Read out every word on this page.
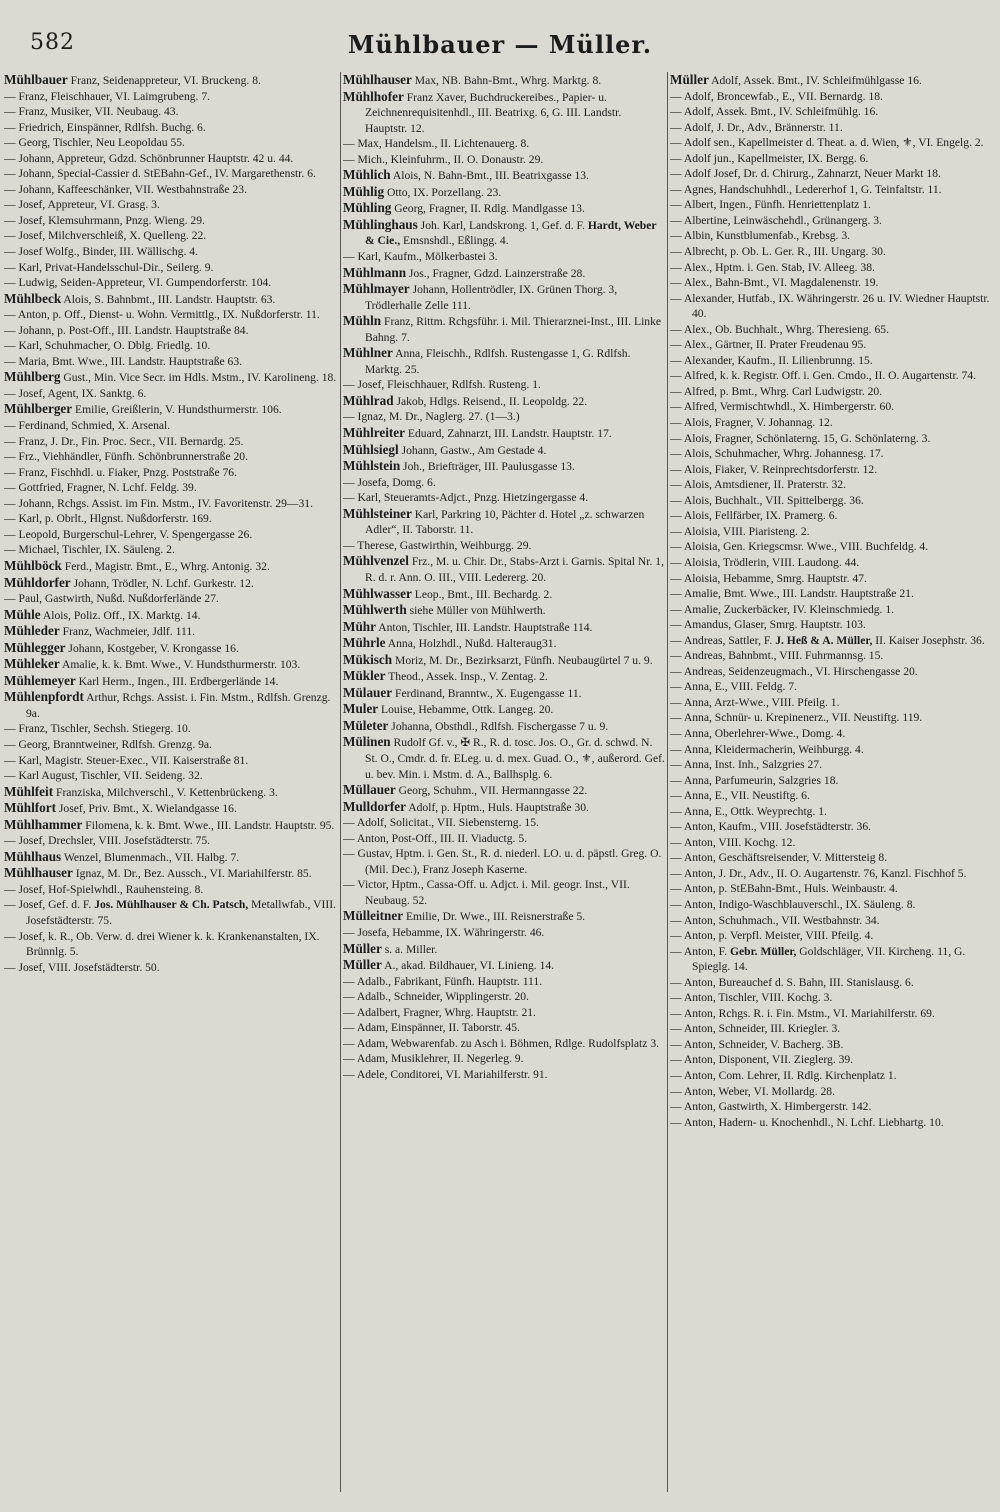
582	Mühlbauer — Müller.

Mühlbauer Franz, Seidenappreteur, VI. Bruckeng. 8.

— Franz, Fleischhauer, VI. Laimgrubeng. 7.

— Franz, Musiker, VII. Neubaug. 43.

— Friedrich, Einspänner, Rdlfsh. Buchg. 6.

— Georg, Tischler, Neu Leopoldau 55.

— Johann, Appreteur, Gdzd. Schönbrunner Hauptstr. 42 u. 44.

— Johann, Special-Cassier d. StEBahn-Gef., IV. Margarethenstr. 6.

— Johann, Kaffeeschänker, VII. Westbahnstraße 23.

— Josef, Appreteur, VI. Grasg. 3.

— Josef, Klemsuhrmann, Pnzg. Wieng. 29.

— Josef, Milchverschleiß, X. Quelleng. 22.

— Josef Wolfg., Binder, III. Wällischg. 4.

— Karl, Privat-Handelsschul-Dir., Seilerg. 9.

— Ludwig, Seiden-Appreteur, VI. Gumpendorferstr. 104.

Mühlbeck Alois, S. Bahnbmt., III. Landstr. Hauptstr. 63.

— Anton, p. Off., Dienst- u. Wohn. Vermittlg., IX. Nußdorferstr. 11.

— Johann, p. Post-Off., III. Landstr. Hauptstraße 84.

— Karl, Schuhmacher, O. Dblg. Friedlg. 10.

— Maria, Bmt. Wwe., III. Landstr. Hauptstraße 63.

Mühlberg Gust., Min. Vice Secr. im Hdls. Mstm., IV. Karolineng. 18.

— Josef, Agent, IX. Sanktg. 6.

Mühlberger Emilie, Greißlerin, V. Hundsthurmerstr. 106.

— Ferdinand, Schmied, X. Arsenal.

— Franz, J. Dr., Fin. Proc. Secr., VII. Bernardg. 25.

— Frz., Viehhändler, Fünfh. Schönbrunnerstraße 20.

— Franz, Fischhdl. u. Fiaker, Pnzg. Poststraße 76.

— Gottfried, Fragner, N. Lchf. Feldg. 39.

— Johann, Rchgs. Assist. im Fin. Mstm., IV. Favoritenstr. 29—31.

— Karl, p. Obrlt., Hlgnst. Nußdorferstr. 169.

— Leopold, Burgerschul-Lehrer, V. Spengergasse 26.

— Michael, Tischler, IX. Säuleng. 2.

Mühlböck Ferd., Magistr. Bmt., E., Whrg. Antonig. 32.

Mühldorfer Johann, Trödler, N. Lchf. Gurkestr. 12.

— Paul, Gastwirth, Nußd. Nußdorferlände 27.

Mühle Alois, Poliz. Off., IX. Marktg. 14.

Mühleder Franz, Wachmeier, Jdlf. 111.

Mühlegger Johann, Kostgeber, V. Krongasse 16.

Mühleker Amalie, k. k. Bmt. Wwe., V. Hundsthurmerstr. 103.

Mühlemeyer Karl Herm., Ingen., III. Erdbergerlände 14.

Mühlenpfordt Arthur, Rchgs. Assist. i. Fin. Mstm., Rdlfsh. Grenzg. 9a.

— Franz, Tischler, Sechsh. Stiegerg. 10.

— Georg, Branntweiner, Rdlfsh. Grenzg. 9a.

— Karl, Magistr. Steuer-Exec., VII. Kaiserstraße 81.

— Karl August, Tischler, VII. Seideng. 32.

Mühlfeit Franziska, Milchverschl., V. Kettenbrückeng. 3.

Mühlfort Josef, Priv. Bmt., X. Wielandgasse 16.

Mühlhammer Filomena, k. k. Bmt. Wwe., III. Landstr. Hauptstr. 95.

— Josef, Drechsler, VIII. Josefstädterstr. 75.

Mühlhaus Wenzel, Blumenmach., VII. Halbg. 7.

Mühlhauser Ignaz, M. Dr., Bez. Aussch., VI. Mariahilferstr. 85.

— Josef, Hof-Spielwhdl., Rauhensteing. 8.

— Josef, Gef. d. F. Jos. Mühlhauser & Ch. Patsch, Metallwfab., VIII. Josefstädterstr. 75.

— Josef, k. R., Ob. Verw. d. drei Wiener k. k. Krankenanstalten, IX. Brünnlg. 5.

— Josef, VIII. Josefstädterstr. 50.

Mühlhauser Max, NB. Bahn-Bmt., Whrg. Marktg. 8.

Mühlhofer Franz Xaver, Buchdruckereibes., Papier- u. Zeichnenrequisitenhdl., III. Beatrixg. 6, G. III. Landstr. Hauptstr. 12.

— Max, Handelsm., II. Lichtenauerg. 8.

— Mich., Kleinfuhrm., II. O. Donaustr. 29.

Mühlich Alois, N. Bahn-Bmt., III. Beatrixgasse 13.

Mühlig Otto, IX. Porzellang. 23.

Mühling Georg, Fragner, II. Rdlg. Mandlgasse 13.

Mühlinghaus Joh. Karl, Landskrong. 1, Gef. d. F. Hardt, Weber & Cie., Emsnshdl., Eßlingg. 4.

— Karl, Kaufm., Mölkerbastei 3.

Mühlmann Jos., Fragner, Gdzd. Lainzerstraße 28.

Mühlmayer Johann, Hollentrödler, IX. Grünen Thorg. 3, Trödlerhalle Zelle 111.

Mühln Franz, Rittm. Rchgsführ. i. Mil. Thierarznei-Inst., III. Linke Bahng. 7.

Mühlner Anna, Fleischh., Rdlfsh. Rustengasse 1, G. Rdlfsh. Marktg. 25.

— Josef, Fleischhauer, Rdlfsh. Rusteng. 1.

Mühlrad Jakob, Hdlgs. Reisend., II. Leopoldg. 22.

— Ignaz, M. Dr., Naglerg. 27. (1—3.)

Mühlreiter Eduard, Zahnarzt, III. Landstr. Hauptstr. 17.

Mühlsiegl Johann, Gastw., Am Gestade 4.

Mühlstein Joh., Briefträger, III. Paulusgasse 13.

— Josefa, Domg. 6.

— Karl, Steueramts-Adjct., Pnzg. Hietzingergasse 4.

Mühlsteiner Karl, Parkring 10, Pächter d. Hotel „z. schwarzen Adler“, II. Taborstr. 11.

— Therese, Gastwirthin, Weihburgg. 29.

Mühlvenzel Frz., M. u. Chir. Dr., Stabs-Arzt i. Garnis. Spital Nr. 1, R. d. r. Ann. O. III., VIII. Ledererg. 20.

Mühlwasser Leop., Bmt., III. Bechardg. 2.

Mühlwerth siehe Müller von Mühlwerth.

Mühr Anton, Tischler, III. Landstr. Hauptstraße 114.

Mührle Anna, Holzhdl., Nußd. Halteraug31.

Mükisch Moriz, M. Dr., Bezirksarzt, Fünfh. Neubaugürtel 7 u. 9.

Mükler Theod., Assek. Insp., V. Zentag. 2.

Mülauer Ferdinand, Branntw., X. Eugengasse 11.

Muler Louise, Hebamme, Ottk. Langeg. 20.

Mületer Johanna, Obsthdl., Rdlfsh. Fischergasse 7 u. 9.

Mülinen Rudolf Gf. v., ✠ R., R. d. tosc. Jos. O., Gr. d. schwd. N. St. O., Cmdr. d. fr. ELeg. u. d. mex. Guad. O., ⚜, außerord. Gef. u. bev. Min. i. Mstm. d. A., Ballhsplg. 6.

Müllauer Georg, Schuhm., VII. Hermanngasse 22.

Mulldorfer Adolf, p. Hptm., Huls. Hauptstraße 30.

— Adolf, Solicitat., VII. Siebensterng. 15.

— Anton, Post-Off., III. II. Viaductg. 5.

— Gustav, Hptm. i. Gen. St., R. d. niederl. LO. u. d. päpstl. Greg. O. (Mil. Dec.), Franz Joseph Kaserne.

— Victor, Hptm., Cassa-Off. u. Adjct. i. Mil. geogr. Inst., VII. Neubaug. 52.

Mülleitner Emilie, Dr. Wwe., III. Reisnerstraße 5.

— Josefa, Hebamme, IX. Währingerstr. 46.

Müller s. a. Miller.

Müller A., akad. Bildhauer, VI. Linieng. 14.

— Adalb., Fabrikant, Fünfh. Hauptstr. 111.

— Adalb., Schneider, Wipplingerstr. 20.

— Adalbert, Fragner, Whrg. Hauptstr. 21.

— Adam, Einspänner, II. Taborstr. 45.

— Adam, Webwarenfab. zu Asch i. Böhmen, Rdlge. Rudolfsplatz 3.

— Adam, Musiklehrer, II. Negerleg. 9.

— Adele, Conditorei, VI. Mariahilferstr. 91.

Müller Adolf, Assek. Bmt., IV. Schleifmühlgasse 16.

— Adolf, Broncewfab., E., VII. Bernardg. 18.

— Adolf, Assek. Bmt., IV. Schleifmühlg. 16.

— Adolf, J. Dr., Adv., Brännerstr. 11.

— Adolf sen., Kapellmeister d. Theat. a. d. Wien, ⚜, VI. Engelg. 2.

— Adolf jun., Kapellmeister, IX. Bergg. 6.

— Adolf Josef, Dr. d. Chirurg., Zahnarzt, Neuer Markt 18.

— Agnes, Handschuhhdl., Ledererhof 1, G. Teinfaltstr. 11.

— Albert, Ingen., Fünfh. Henriettenplatz 1.

— Albertine, Leinwäschehdl., Grünangerg. 3.

— Albin, Kunstblumenfab., Krebsg. 3.

— Albrecht, p. Ob. L. Ger. R., III. Ungarg. 30.

— Alex., Hptm. i. Gen. Stab, IV. Alleeg. 38.

— Alex., Bahn-Bmt., VI. Magdalenenstr. 19.

— Alexander, Hutfab., IX. Währingerstr. 26 u. IV. Wiedner Hauptstr. 40.

— Alex., Ob. Buchhalt., Whrg. Theresieng. 65.

— Alex., Gärtner, II. Prater Freudenau 95.

— Alexander, Kaufm., II. Lilienbrunng. 15.

— Alfred, k. k. Registr. Off. i. Gen. Cmdo., II. O. Augartenstr. 74.

— Alfred, p. Bmt., Whrg. Carl Ludwigstr. 20.

— Alfred, Vermischtwhdl., X. Himbergerstr. 60.

— Alois, Fragner, V. Johannag. 12.

— Alois, Fragner, Schönlaterng. 15, G. Schönlaterng. 3.

— Alois, Schuhmacher, Whrg. Johannesg. 17.

— Alois, Fiaker, V. Reinprechtsdorferstr. 12.

— Alois, Amtsdiener, II. Praterstr. 32.

— Alois, Buchhalt., VII. Spittelbergg. 36.

— Alois, Fellfärber, IX. Pramerg. 6.

— Aloisia, VIII. Piaristeng. 2.

— Aloisia, Gen. Kriegscmsr. Wwe., VIII. Buchfeldg. 4.

— Aloisia, Trödlerin, VIII. Laudong. 44.

— Aloisia, Hebamme, Smrg. Hauptstr. 47.

— Amalie, Bmt. Wwe., III. Landstr. Hauptstraße 21.

— Amalie, Zuckerbäcker, IV. Kleinschmiedg. 1.

— Amandus, Glaser, Smrg. Hauptstr. 103.

— Andreas, Sattler, F. J. Heß & A. Müller, II. Kaiser Josephstr. 36.

— Andreas, Bahnbmt., VIII. Fuhrmannsg. 15.

— Andreas, Seidenzeugmach., VI. Hirschengasse 20.

— Anna, E., VIII. Feldg. 7.

— Anna, Arzt-Wwe., VIII. Pfeilg. 1.

— Anna, Schnür- u. Krepinenerz., VII. Neustiftg. 119.

— Anna, Oberlehrer-Wwe., Domg. 4.

— Anna, Kleidermacherin, Weihburgg. 4.

— Anna, Inst. Inh., Salzgries 27.

— Anna, Parfumeurin, Salzgries 18.

— Anna, E., VII. Neustiftg. 6.

— Anna, E., Ottk. Weyprechtg. 1.

— Anton, Kaufm., VIII. Josefstädterstr. 36.

— Anton, VIII. Kochg. 12.

— Anton, Geschäftsreisender, V. Mittersteig 8.

— Anton, J. Dr., Adv., II. O. Augartenstr. 76, Kanzl. Fischhof 5.

— Anton, p. StEBahn-Bmt., Huls. Weinbaustr. 4.

— Anton, Indigo-Waschblauverschl., IX. Säuleng. 8.

— Anton, Schuhmach., VII. Westbahnstr. 34.

— Anton, p. Verpfl. Meister, VIII. Pfeilg. 4.

— Anton, F. Gebr. Müller, Goldschläger, VII. Kircheng. 11, G. Spieglg. 14.

— Anton, Bureauchef d. S. Bahn, III. Stanislausg. 6.

— Anton, Tischler, VIII. Kochg. 3.

— Anton, Rchgs. R. i. Fin. Mstm., VI. Mariahilferstr. 69.

— Anton, Schneider, III. Kriegler. 3.

— Anton, Schneider, V. Bacherg. 3B.

— Anton, Disponent, VII. Zieglerg. 39.

— Anton, Com. Lehrer, II. Rdlg. Kirchenplatz 1.

— Anton, Weber, VI. Mollardg. 28.

— Anton, Gastwirth, X. Himbergerstr. 142.

— Anton, Hadern- u. Knochenhdl., N. Lchf. Liebhartg. 10.
